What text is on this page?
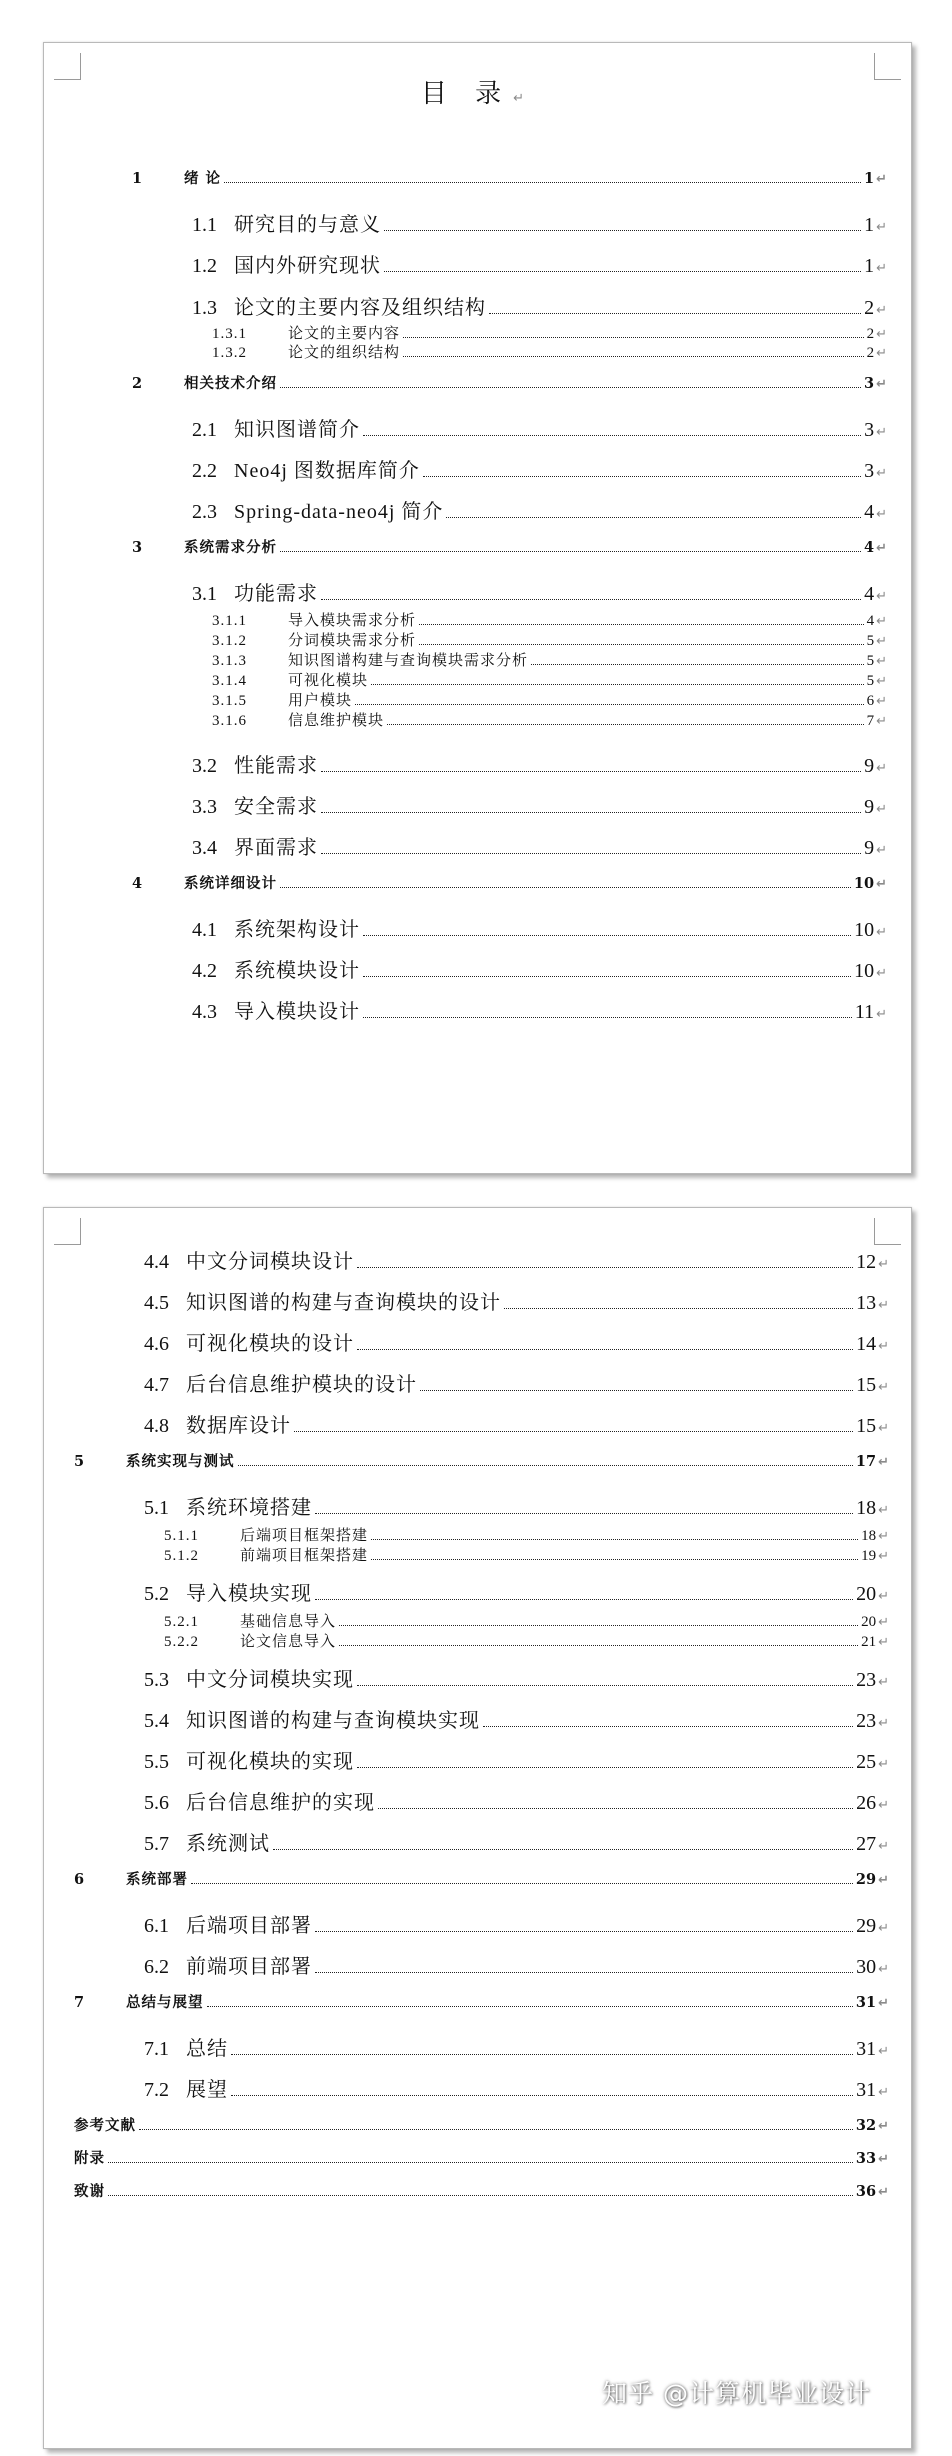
目 录 ↵
1	绪 论	1 ↵
1.1 研究目的与意义	1 ↵
1.2 国内外研究现状	1 ↵
1.3 论文的主要内容及组织结构	2 ↵
1.3.1	论文的主要内容	2 ↵
1.3.2	论文的组织结构	2 ↵
2	相关技术介绍	3 ↵
2.1 知识图谱简介	3 ↵
2.2 Neo4j 图数据库简介	3 ↵
2.3 Spring-data-neo4j 简介	4 ↵
3	系统需求分析	4 ↵
3.1 功能需求	4 ↵
3.1.1	导入模块需求分析	4 ↵
3.1.2	分词模块需求分析	5 ↵
3.1.3	知识图谱构建与查询模块需求分析	5 ↵
3.1.4	可视化模块	5 ↵
3.1.5	用户模块	6 ↵
3.1.6	信息维护模块	7 ↵
3.2 性能需求	9 ↵
3.3 安全需求	9 ↵
3.4 界面需求	9 ↵
4	系统详细设计	10 ↵
4.1 系统架构设计	10 ↵
4.2 系统模块设计	10 ↵
4.3 导入模块设计	11 ↵
4.4 中文分词模块设计	12 ↵
4.5 知识图谱的构建与查询模块的设计	13 ↵
4.6 可视化模块的设计	14 ↵
4.7 后台信息维护模块的设计	15 ↵
4.8 数据库设计	15 ↵
5	系统实现与测试	17 ↵
5.1 系统环境搭建	18 ↵
5.1.1	后端项目框架搭建	18 ↵
5.1.2	前端项目框架搭建	19 ↵
5.2 导入模块实现	20 ↵
5.2.1	基础信息导入	20 ↵
5.2.2	论文信息导入	21 ↵
5.3 中文分词模块实现	23 ↵
5.4 知识图谱的构建与查询模块实现	23 ↵
5.5 可视化模块的实现	25 ↵
5.6 后台信息维护的实现	26 ↵
5.7 系统测试	27 ↵
6	系统部署	29 ↵
6.1 后端项目部署	29 ↵
6.2 前端项目部署	30 ↵
7	总结与展望	31 ↵
7.1 总结	31 ↵
7.2 展望	31 ↵
参考文献	32 ↵
附录	33 ↵
致谢	36 ↵
知乎 @计算机毕业设计
